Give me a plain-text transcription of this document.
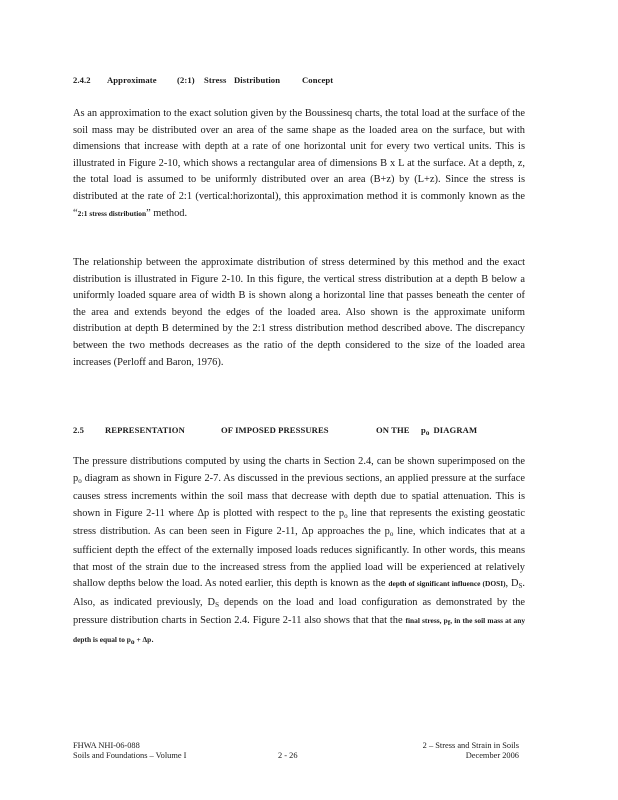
2.4.2 Approximate (2:1) Stress Distribution	Concept

As an approximation to the exact solution given by the Boussinesq charts, the total load at the surface of the soil mass may be distributed over an area of the same shape as the loaded area on the surface, but with dimensions that increase with depth at a rate of one horizontal unit for every two vertical units. This is illustrated in Figure 2-10, which shows a rectangular area of dimensions B x L at the surface. At a depth, z, the total load is assumed to be uniformly distributed over an area (B+z) by (L+z). Since the stress is distributed at the rate of 2:1 (vertical:horizontal), this approximation method it is commonly known as the “2:1 stress distribution” method.

The relationship between the approximate distribution of stress determined by this method and the exact distribution is illustrated in Figure 2-10. In this figure, the vertical stress distribution at a depth B below a uniformly loaded square area of width B is shown along a horizontal line that passes beneath the center of the area and extends beyond the edges of the loaded area. Also shown is the approximate uniform distribution at depth B determined by the 2:1 stress distribution method described above. The discrepancy between the two methods decreases as the ratio of the depth considered to the size of the loaded area increases (Perloff and Baron, 1976).

2.5 REPRESENTATION	OF IMPOSED PRESSURES	ON THE $p_o$ DIAGRAM

The pressure distributions computed by using the charts in Section 2.4, can be shown superimposed on the $p_o$ diagram as shown in Figure 2-7. As discussed in the previous sections, an applied pressure at the surface causes stress increments within the soil mass that decrease with depth due to spatial attenuation. This is shown in Figure 2-11 where Δp is plotted with respect to the $p_o$ line that represents the existing geostatic stress distribution. As can been seen in Figure 2-11, Δp approaches the $p_o$ line, which indicates that at a sufficient depth the effect of the externally imposed loads reduces significantly. In other words, this means that most of the strain due to the increased stress from the applied load will be experienced at relatively shallow depths below the load. As noted earlier, this depth is known as the depth of significant influence (DOSI), $D_S$. Also, as indicated previously, $D_S$ depends on the load and load configuration as demonstrated by the pressure distribution charts in Section 2.4. Figure 2-11 also shows that that the final stress, $p_f$, in the soil mass at any depth is equal to $p_o + \Delta p$.

FHWA NHI-06-088
Soils and Foundations – Volume I	2 - 26
2 – Stress and Strain in Soils
December 2006
